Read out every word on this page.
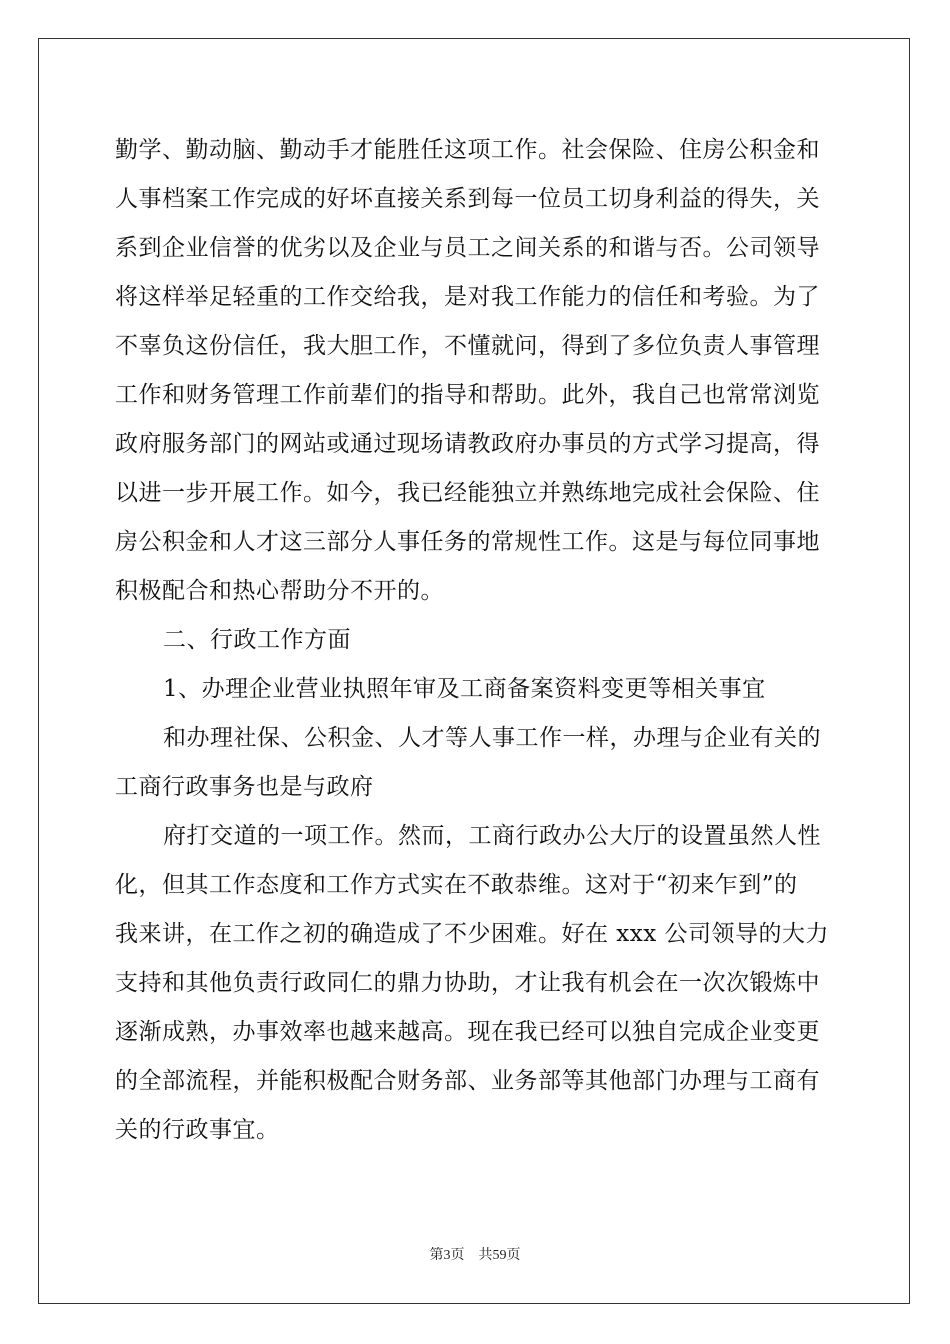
勤学、勤动脑、勤动手才能胜任这项工作。社会保险、住房公积金和
人事档案工作完成的好坏直接关系到每一位员工切身利益的得失，关
系到企业信誉的优劣以及企业与员工之间关系的和谐与否。公司领导
将这样举足轻重的工作交给我，是对我工作能力的信任和考验。为了
不辜负这份信任，我大胆工作，不懂就问，得到了多位负责人事管理
工作和财务管理工作前辈们的指导和帮助。此外，我自己也常常浏览
政府服务部门的网站或通过现场请教政府办事员的方式学习提高，得
以进一步开展工作。如今，我已经能独立并熟练地完成社会保险、住
房公积金和人才这三部分人事任务的常规性工作。这是与每位同事地
积极配合和热心帮助分不开的。
二、行政工作方面
1、办理企业营业执照年审及工商备案资料变更等相关事宜
和办理社保、公积金、人才等人事工作一样，办理与企业有关的
工商行政事务也是与政府
府打交道的一项工作。然而，工商行政办公大厅的设置虽然人性
化，但其工作态度和工作方式实在不敢恭维。这对于“初来乍到”的
我来讲，在工作之初的确造成了不少困难。好在 xxx 公司领导的大力
支持和其他负责行政同仁的鼎力协助，才让我有机会在一次次锻炼中
逐渐成熟，办事效率也越来越高。现在我已经可以独自完成企业变更
的全部流程，并能积极配合财务部、业务部等其他部门办理与工商有
关的行政事宜。
第3页　共59页
